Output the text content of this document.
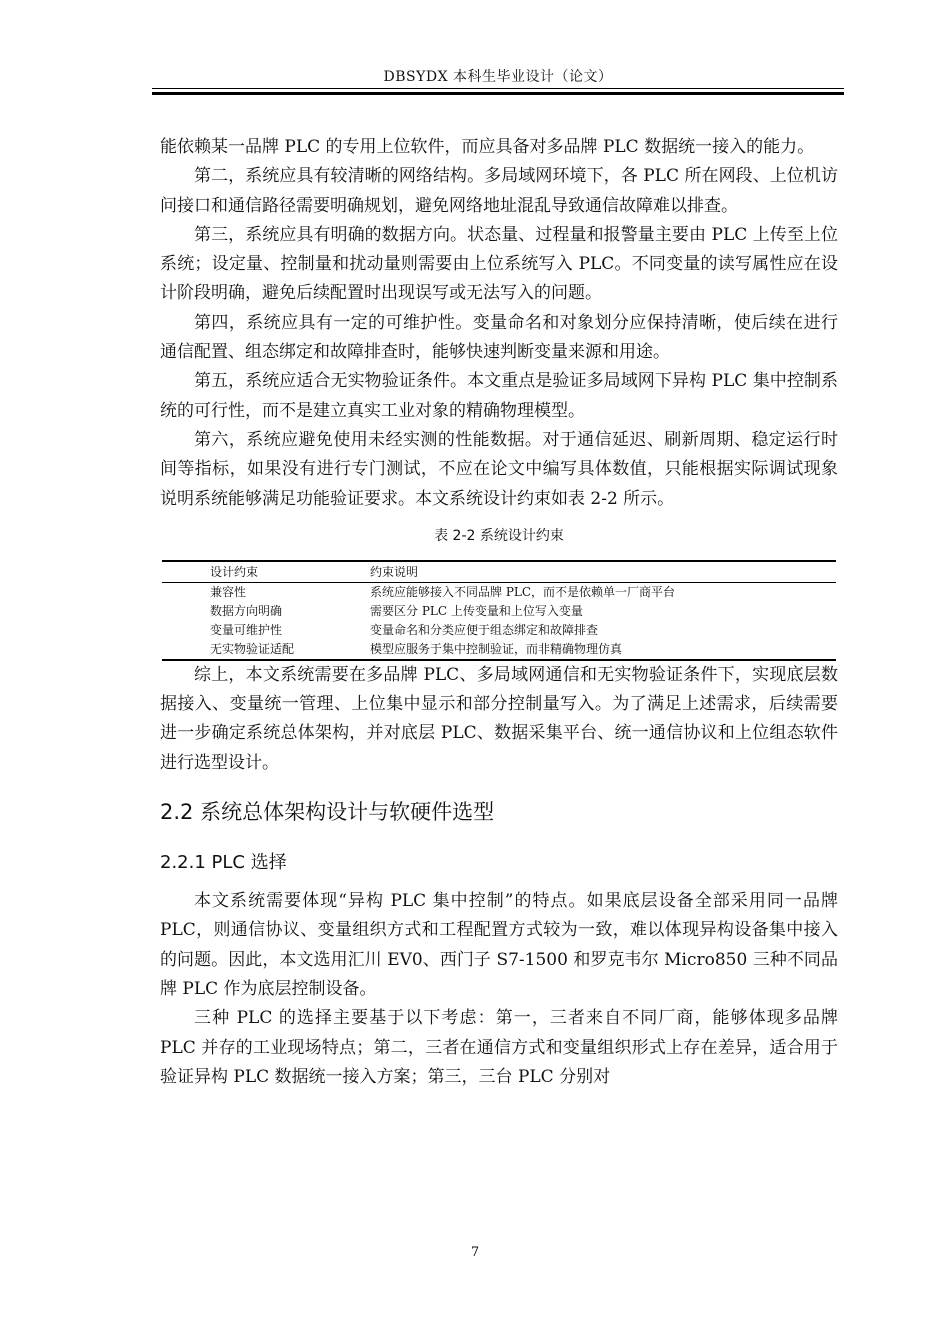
DBSYDX 本科生毕业设计（论文）

能依赖某一品牌 PLC 的专用上位软件，而应具备对多品牌 PLC 数据统一接入的能力。

第二，系统应具有较清晰的网络结构。多局域网环境下，各 PLC 所在网段、上位机访问接口和通信路径需要明确规划，避免网络地址混乱导致通信故障难以排查。

第三，系统应具有明确的数据方向。状态量、过程量和报警量主要由 PLC 上传至上位系统；设定量、控制量和扰动量则需要由上位系统写入 PLC。不同变量的读写属性应在设计阶段明确，避免后续配置时出现误写或无法写入的问题。

第四，系统应具有一定的可维护性。变量命名和对象划分应保持清晰，使后续在进行通信配置、组态绑定和故障排查时，能够快速判断变量来源和用途。

第五，系统应适合无实物验证条件。本文重点是验证多局域网下异构 PLC 集中控制系统的可行性，而不是建立真实工业对象的精确物理模型。

第六，系统应避免使用未经实测的性能数据。对于通信延迟、刷新周期、稳定运行时间等指标，如果没有进行专门测试，不应在论文中编写具体数值，只能根据实际调试现象说明系统能够满足功能验证要求。本文系统设计约束如表 2-2 所示。

表 2-2 系统设计约束
设计约束	约束说明
兼容性	系统应能够接入不同品牌 PLC，而不是依赖单一厂商平台
数据方向明确	需要区分 PLC 上传变量和上位写入变量
变量可维护性	变量命名和分类应便于组态绑定和故障排查
无实物验证适配	模型应服务于集中控制验证，而非精确物理仿真

综上，本文系统需要在多品牌 PLC、多局域网通信和无实物验证条件下，实现底层数据接入、变量统一管理、上位集中显示和部分控制量写入。为了满足上述需求，后续需要进一步确定系统总体架构，并对底层 PLC、数据采集平台、统一通信协议和上位组态软件进行选型设计。

2.2 系统总体架构设计与软硬件选型
2.2.1 PLC 选择

本文系统需要体现“异构 PLC 集中控制”的特点。如果底层设备全部采用同一品牌 PLC，则通信协议、变量组织方式和工程配置方式较为一致，难以体现异构设备集中接入的问题。因此，本文选用汇川 EV0、西门子 S7-1500 和罗克韦尔 Micro850 三种不同品牌 PLC 作为底层控制设备。

三种 PLC 的选择主要基于以下考虑：第一，三者来自不同厂商，能够体现多品牌 PLC 并存的工业现场特点；第二，三者在通信方式和变量组织形式上存在差异，适合用于验证异构 PLC 数据统一接入方案；第三，三台 PLC 分别对

7
